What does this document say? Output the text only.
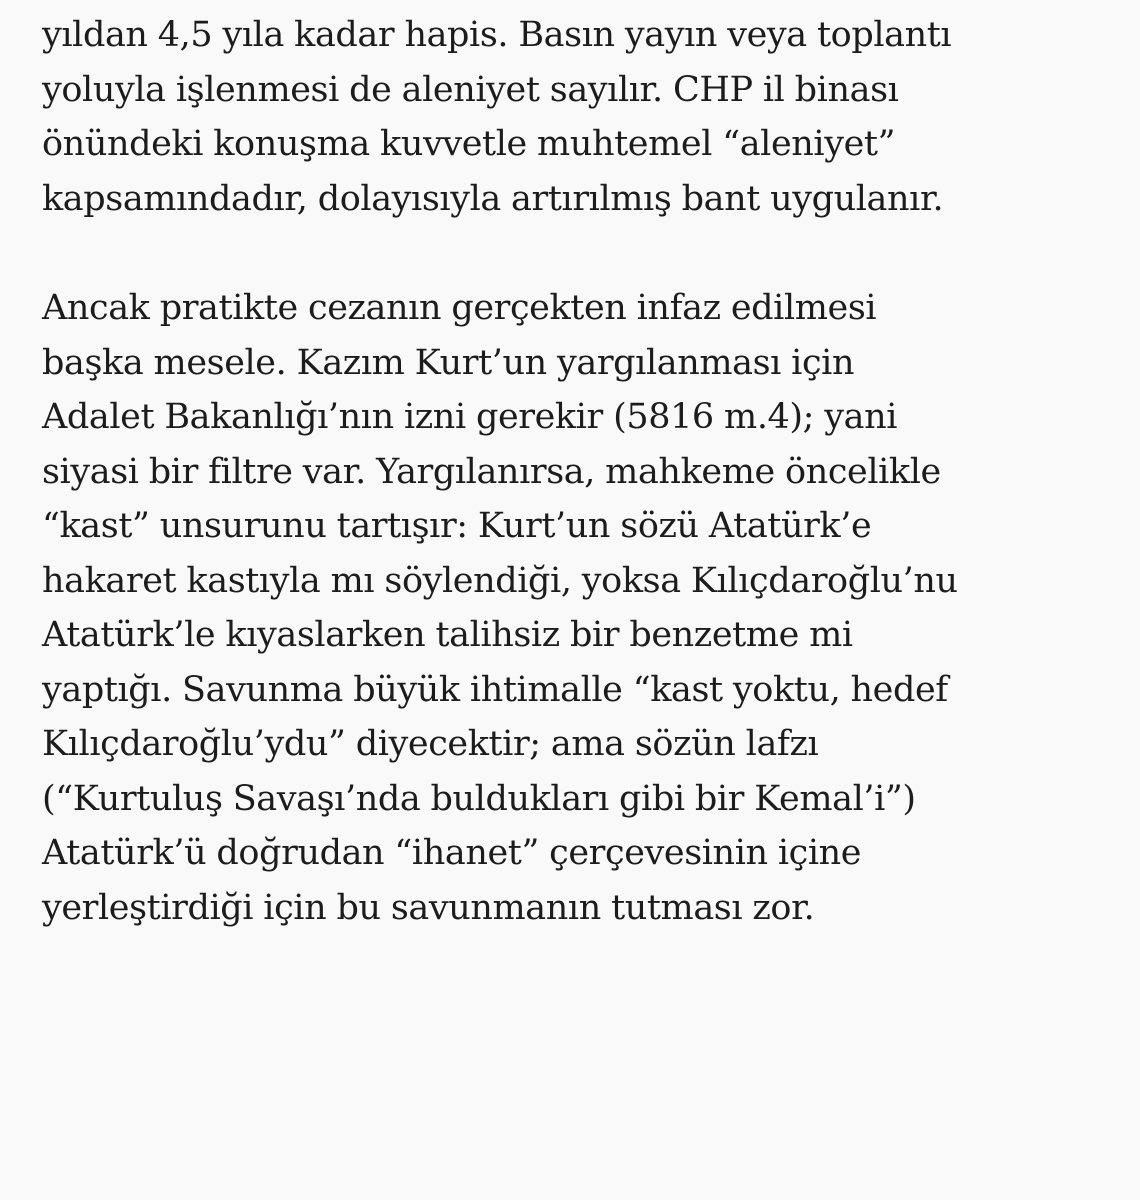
yıldan 4,5 yıla kadar hapis. Basın yayın veya toplantı
yoluyla işlenmesi de aleniyet sayılır. CHP il binası
önündeki konuşma kuvvetle muhtemel “aleniyet”
kapsamındadır, dolayısıyla artırılmış bant uygulanır.

Ancak pratikte cezanın gerçekten infaz edilmesi
başka mesele. Kazım Kurt’un yargılanması için
Adalet Bakanlığı’nın izni gerekir (5816 m.4); yani
siyasi bir filtre var. Yargılanırsa, mahkeme öncelikle
“kast” unsurunu tartışır: Kurt’un sözü Atatürk’e
hakaret kastıyla mı söylendiği, yoksa Kılıçdaroğlu’nu
Atatürk’le kıyaslarken talihsiz bir benzetme mi
yaptığı. Savunma büyük ihtimalle “kast yoktu, hedef
Kılıçdaroğlu’ydu” diyecektir; ama sözün lafzı
(“Kurtuluş Savaşı’nda buldukları gibi bir Kemal’i”)
Atatürk’ü doğrudan “ihanet” çerçevesinin içine
yerleştirdiği için bu savunmanın tutması zor.
